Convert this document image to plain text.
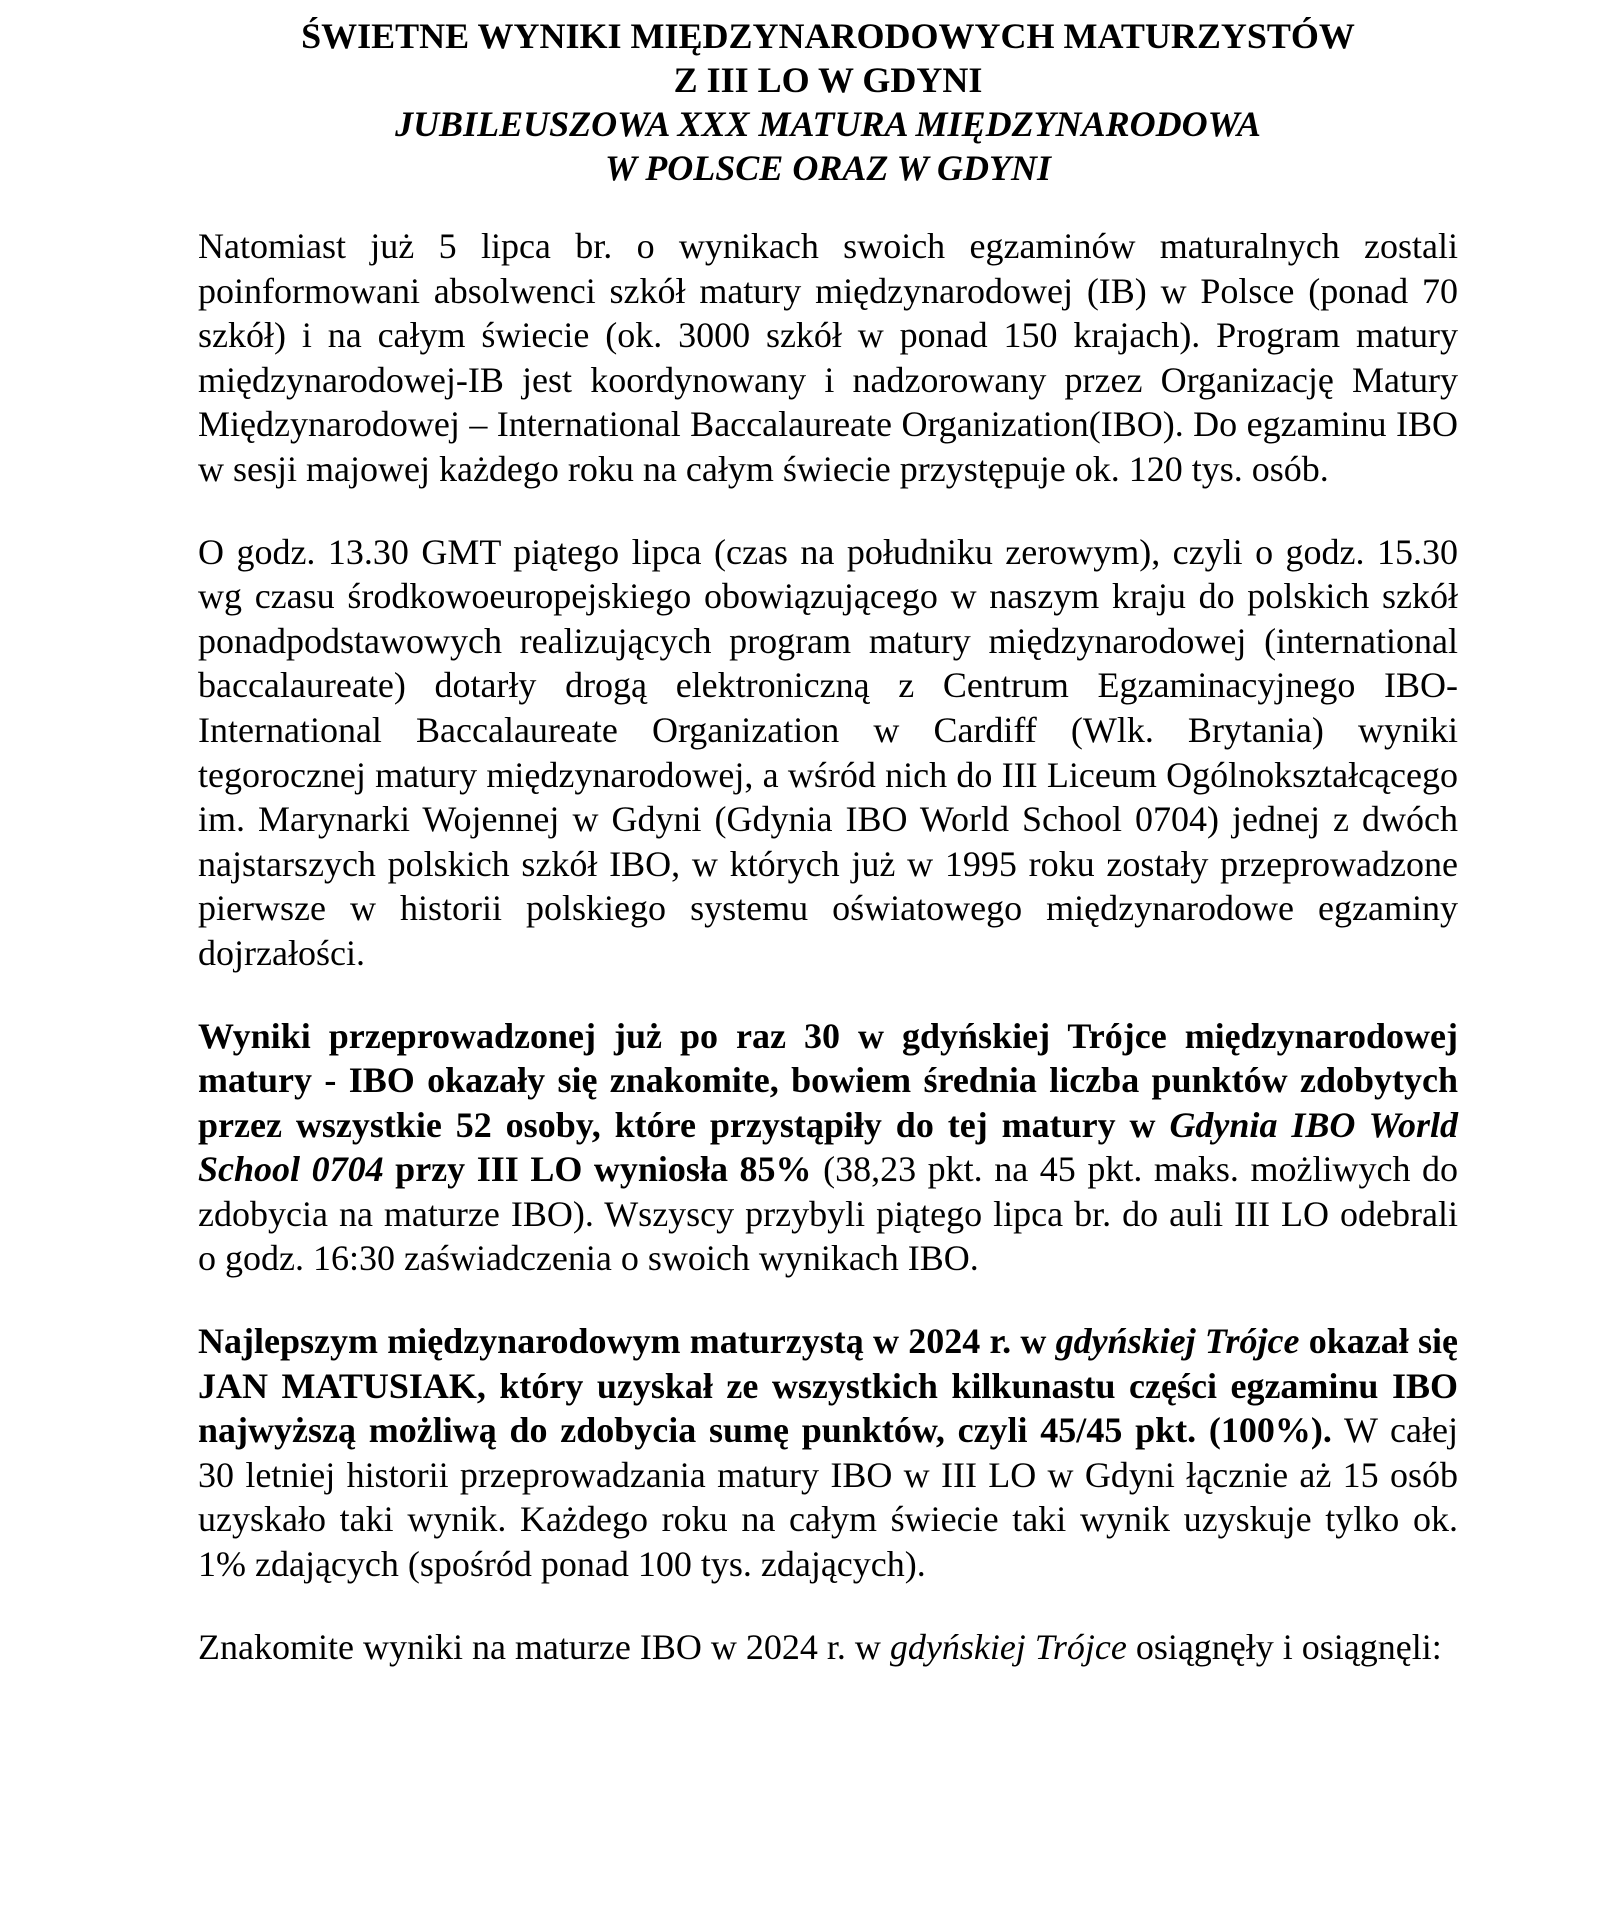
ŚWIETNE WYNIKI MIĘDZYNARODOWYCH MATURZYSTÓW
Z III LO W GDYNI
JUBILEUSZOWA XXX MATURA MIĘDZYNARODOWA
W POLSCE ORAZ W GDYNI

Natomiast już 5 lipca br. o wynikach swoich egzaminów maturalnych zostali poinformowani absolwenci szkół matury międzynarodowej (IB) w Polsce (ponad 70 szkół) i na całym świecie (ok. 3000 szkół w ponad 150 krajach). Program matury międzynarodowej-IB jest koordynowany i nadzorowany przez Organizację Matury Międzynarodowej – International Baccalaureate Organization(IBO). Do egzaminu IBO w sesji majowej każdego roku na całym świecie przystępuje ok. 120 tys. osób.

O godz. 13.30 GMT piątego lipca (czas na południku zerowym), czyli o godz. 15.30 wg czasu środkowoeuropejskiego obowiązującego w naszym kraju do polskich szkół ponadpodstawowych realizujących program matury międzynarodowej (international baccalaureate) dotarły drogą elektroniczną z Centrum Egzaminacyjnego IBO-International Baccalaureate Organization w Cardiff (Wlk. Brytania) wyniki tegorocznej matury międzynarodowej, a wśród nich do III Liceum Ogólnokształcącego im. Marynarki Wojennej w Gdyni (Gdynia IBO World School 0704) jednej z dwóch najstarszych polskich szkół IBO, w których już w 1995 roku zostały przeprowadzone pierwsze w historii polskiego systemu oświatowego międzynarodowe egzaminy dojrzałości.

Wyniki przeprowadzonej już po raz 30 w gdyńskiej Trójce międzynarodowej matury - IBO okazały się znakomite, bowiem średnia liczba punktów zdobytych przez wszystkie 52 osoby, które przystąpiły do tej matury w Gdynia IBO World School 0704 przy III LO wyniosła 85% (38,23 pkt. na 45 pkt. maks. możliwych do zdobycia na maturze IBO). Wszyscy przybyli piątego lipca br. do auli III LO odebrali o godz. 16:30 zaświadczenia o swoich wynikach IBO.

Najlepszym międzynarodowym maturzystą w 2024 r. w gdyńskiej Trójce okazał się JAN MATUSIAK, który uzyskał ze wszystkich kilkunastu części egzaminu IBO najwyższą możliwą do zdobycia sumę punktów, czyli 45/45 pkt. (100%). W całej 30 letniej historii przeprowadzania matury IBO w III LO w Gdyni łącznie aż 15 osób uzyskało taki wynik. Każdego roku na całym świecie taki wynik uzyskuje tylko ok. 1% zdających (spośród ponad 100 tys. zdających).

Znakomite wyniki na maturze IBO w 2024 r. w gdyńskiej Trójce osiągnęły i osiągnęli:
